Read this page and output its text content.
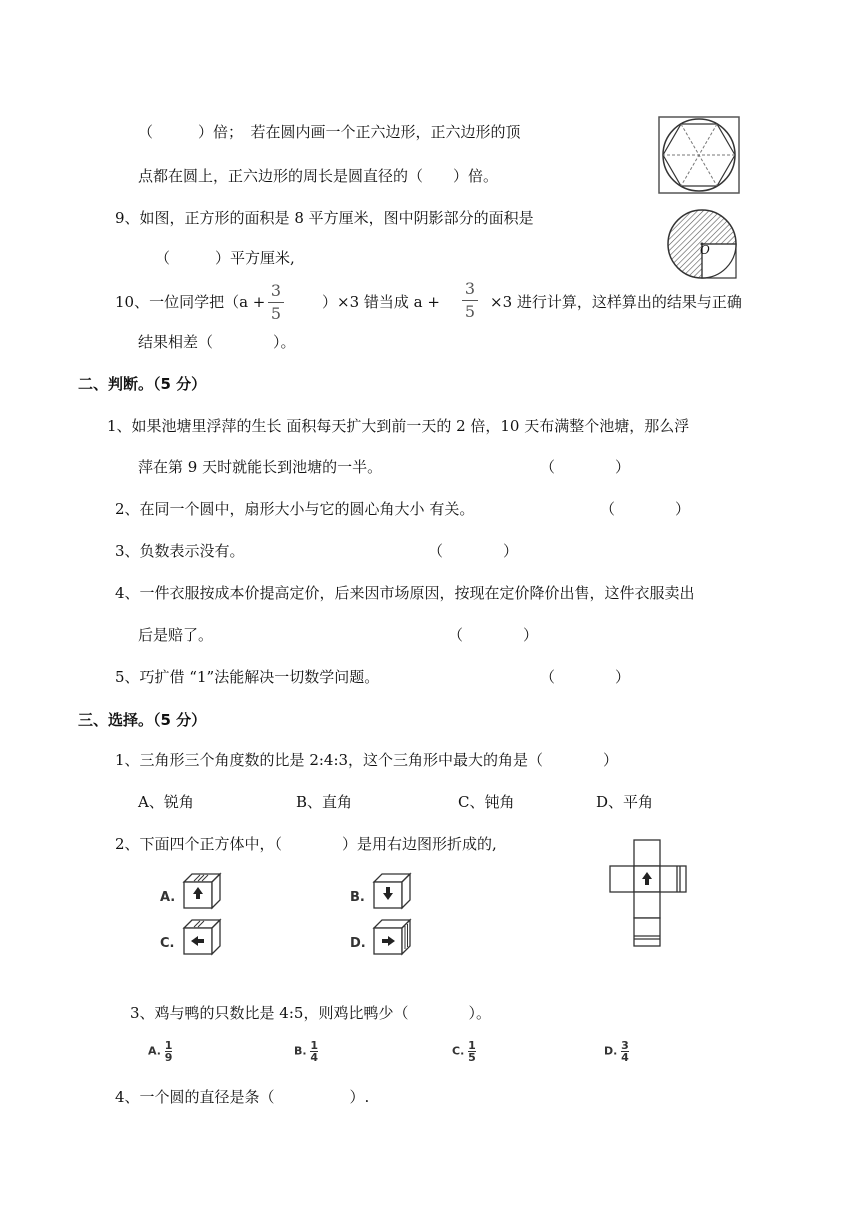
（　　　）倍；　若在圆内画一个正六边形，正六边形的顶
点都在圆上，正六边形的周长是圆直径的（　　）倍。
9、如图，正方形的面积是 8 平方厘米，图中阴影部分的面积是
（　　　）平方厘米,	O
10、一位同学把（a +
3
5
）×3 错当成 a +
3
5 ×3 进行计算，这样算出的结果与正确
结果相差（　　　　）。
二、判断。（5 分）
1、如果池塘里浮萍的生长 面积每天扩大到前一天的 2 倍，10 天布满整个池塘，那么浮
萍在第 9 天时就能长到池塘的一半。	（　　　　）
2、在同一个圆中，扇形大小与它的圆心角大小 有关。	（　　　　）
3、负数表示没有。	（　　　　）
4、一件衣服按成本价提高定价，后来因市场原因，按现在定价降价出售，这件衣服卖出
后是赔了。	（　　　　）
5、巧扩借 “1”法能解决一切数学问题。	（　　　　）
三、选择。（5 分）
1、三角形三个角度数的比是 2:4:3，这个三角形中最大的角是（　　　　）
A、锐角	B、直角	C、钝角	D、平角
2、下面四个正方体中，（　　　　）是用右边图形折成的,
A.	B.
C.	D.
3、鸡与鸭的只数比是 4:5，则鸡比鸭少（　　　　）。
A. $\frac{1}{9}$	B. $\frac{1}{4}$	C. $\frac{1}{5}$	D. $\frac{3}{4}$
4、一个圆的直径是条（　　　　　）.
